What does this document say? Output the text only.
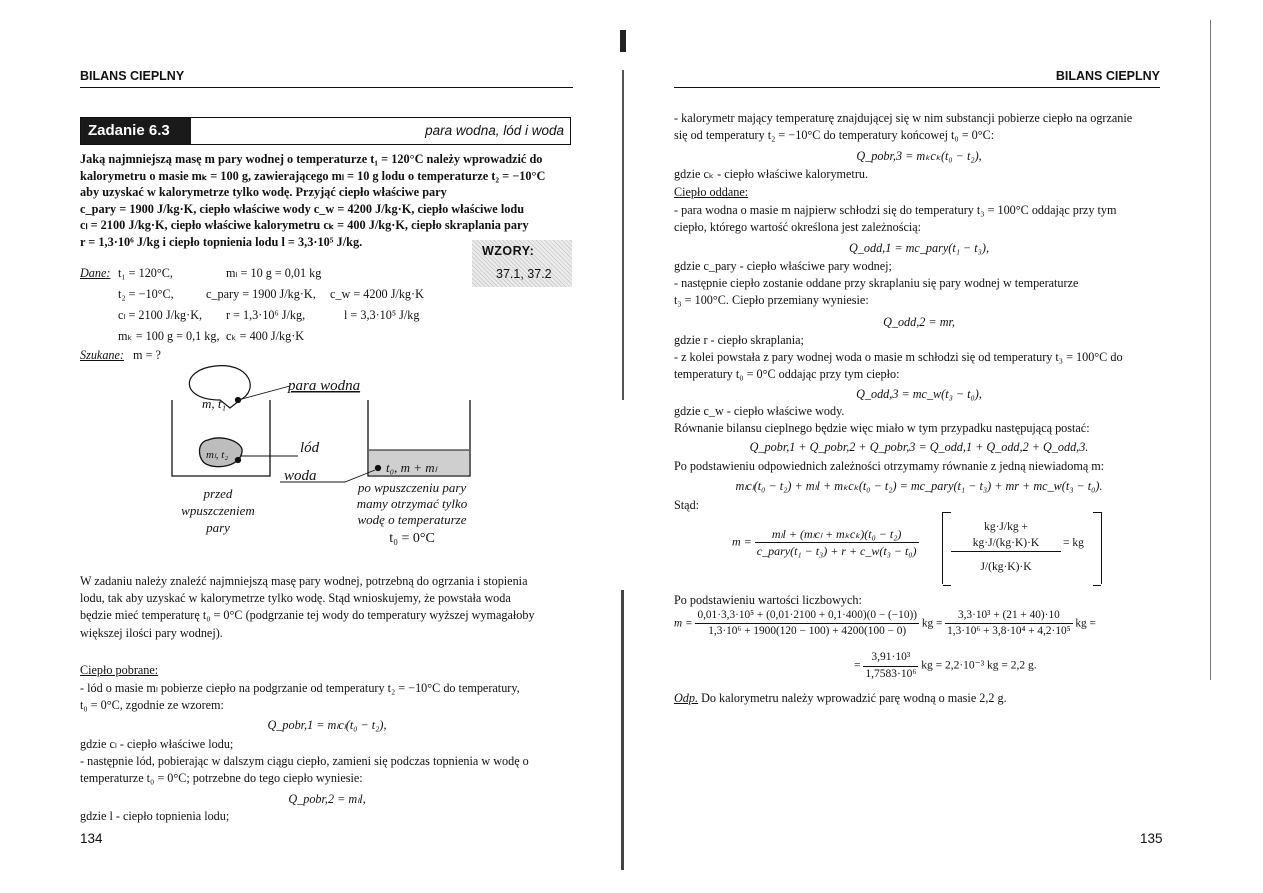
BILANS CIEPLNY
Zadanie 6.3	para wodna, lód i woda
Jaką najmniejszą masę m pary wodnej o temperaturze t₁ = 120°C należy wprowadzić do
kalorymetru o masie mₖ = 100 g, zawierającego mₗ = 10 g lodu o temperaturze t₂ = −10°C
aby uzyskać w kalorymetrze tylko wodę. Przyjąć ciepło właściwe pary
c_pary = 1900 J/kg·K, ciepło właściwe wody c_w = 4200 J/kg·K, ciepło właściwe lodu
cₗ = 2100 J/kg·K, ciepło właściwe kalorymetru cₖ = 400 J/kg·K, ciepło skraplania pary
r = 1,3·10⁶ J/kg i ciepło topnienia lodu l = 3,3·10⁵ J/kg.
WZORY:
37.1, 37.2
Dane: t₁ = 120°C,	mₗ = 10 g = 0,01 kg
t₂ = −10°C,	c_pary = 1900 J/kg·K, c_w = 4200 J/kg·K
cₗ = 2100 J/kg·K, r = 1,3·10⁶ J/kg,	l = 3,3·10⁵ J/kg
mₖ = 100 g = 0,1 kg, cₖ = 400 J/kg·K
Szukane: m = ?
para wodna
lód
woda
m, t₁
mₗ, t₂
t₀, m + mₗ
przed
wpuszczeniem
pary
po wpuszczeniu pary
mamy otrzymać tylko
wodę o temperaturze
t₀ = 0°C
W zadaniu należy znaleźć najmniejszą masę pary wodnej, potrzebną do ogrzania i stopienia
lodu, tak aby uzyskać w kalorymetrze tylko wodę. Stąd wnioskujemy, że powstała woda
będzie mieć temperaturę t₀ = 0°C (podgrzanie tej wody do temperatury wyższej wymagałoby
większej ilości pary wodnej).
Ciepło pobrane:
- lód o masie mₗ pobierze ciepło na podgrzanie od temperatury t₂ = −10°C do temperatury,
t₀ = 0°C, zgodnie ze wzorem:
Q_pobr,1 = mₗcₗ(t₀ − t₂),
gdzie cₗ - ciepło właściwe lodu;
- następnie lód, pobierając w dalszym ciągu ciepło, zamieni się podczas topnienia w wodę o
temperaturze t₀ = 0°C; potrzebne do tego ciepło wyniesie:
Q_pobr,2 = mₗl,
gdzie l - ciepło topnienia lodu;
134
BILANS CIEPLNY
- kalorymetr mający temperaturę znajdującej się w nim substancji pobierze ciepło na ogrzanie
się od temperatury t₂ = −10°C do temperatury końcowej t₀ = 0°C:
Q_pobr,3 = mₖcₖ(t₀ − t₂),
gdzie cₖ - ciepło właściwe kalorymetru.
Ciepło oddane:
- para wodna o masie m najpierw schłodzi się do temperatury t₃ = 100°C oddając przy tym
ciepło, którego wartość określona jest zależnością:
Q_odd,1 = mc_pary(t₁ − t₃),
gdzie c_pary - ciepło właściwe pary wodnej;
- następnie ciepło zostanie oddane przy skraplaniu się pary wodnej w temperaturze
t₃ = 100°C. Ciepło przemiany wyniesie:
Q_odd,2 = mr,
gdzie r - ciepło skraplania;
- z kolei powstała z pary wodnej woda o masie m schłodzi się od temperatury t₃ = 100°C do
temperatury t₀ = 0°C oddając przy tym ciepło:
Q_odd,3 = mc_w(t₃ − t₀),
gdzie c_w - ciepło właściwe wody.
Równanie bilansu cieplnego będzie więc miało w tym przypadku następującą postać:
Q_pobr,1 + Q_pobr,2 + Q_pobr,3 = Q_odd,1 + Q_odd,2 + Q_odd,3.
Po podstawieniu odpowiednich zależności otrzymamy równanie z jedną niewiadomą m:
mₗcₗ(t₀ − t₂) + mₗl + mₖcₖ(t₀ − t₂) = mc_pary(t₁ − t₃) + mr + mc_w(t₃ − t₀).
Stąd:
m =
mₗl + (mₗcₗ + mₖcₖ)(t₀ − t₂)
c_pary(t₁ − t₃) + r + c_w(t₃ − t₀)	$\frac{kg\cdot J/kg + kg\cdot J/(kg\cdot K)\cdot K}{J/(kg\cdot K)\cdot K}$ = kg
Po podstawieniu wartości liczbowych:
$m = \frac{\text{0,01·3,3·10⁵ + (0,01·2100 + 0,1·400)(0 − (−10))}}{\text{1,3·10⁶ + 1900(120 − 100) + 4200(100 − 0)}}$ kg = $\frac{\text{3,3·10³ + (21 + 40)·10}}{\text{1,3·10⁶ + 3,8·10⁴ + 4,2·10⁵}}$ kg =
= $\frac{\text{3,91·10³}}{\text{1,7583·10⁶}}$ kg = 2,2·10⁻³ kg = 2,2 g.
Odp. Do kalorymetru należy wprowadzić parę wodną o masie 2,2 g.
135
